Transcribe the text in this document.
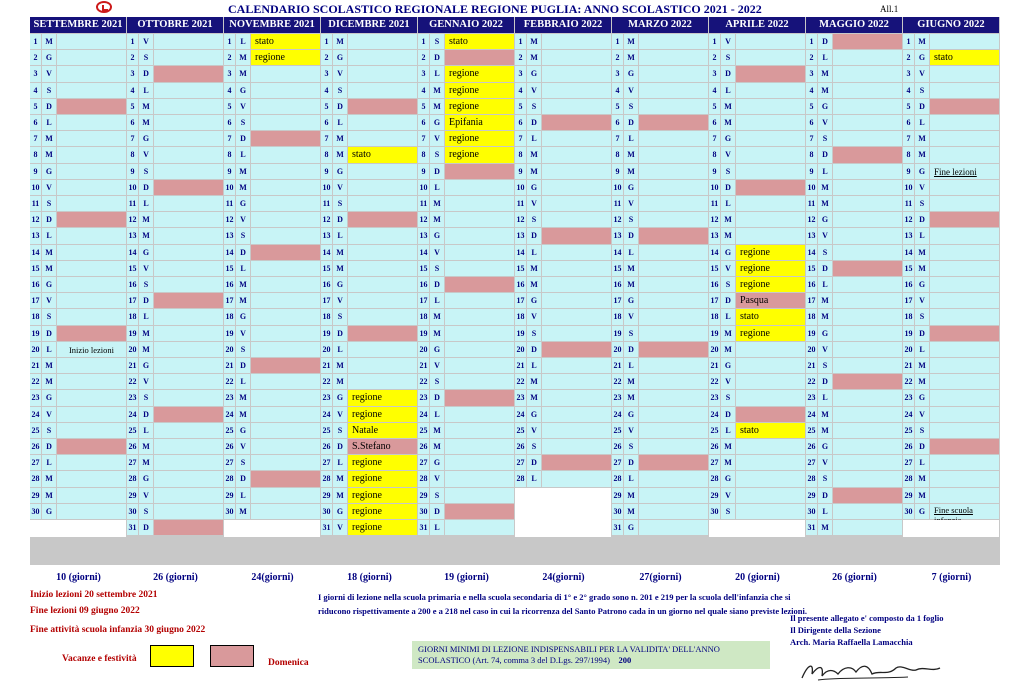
CALENDARIO SCOLASTICO REGIONALE REGIONE PUGLIA: ANNO SCOLASTICO 2021 - 2022	All.1
SETTEMBRE 2021
1 M
2	G
3	V
4	S
5	D
6	L
7 M
8 M
9	G
10 V
11 S
12 D
13 L
14 M
15 M
16 G
17 V
18 S
19 D
20 L	Inizio lezioni
21 M
22 M
23 G
24 V
25 S
26 D
27 L
28 M
29 M
30 G
OTTOBRE 2021
1	V
2	S
3	D
4	L
5 M
6 M
7	G
8	V
9	S
10 D
11 L
12 M
13 M
14 G
15 V
16 S
17 D
18 L
19 M
20 M
21 G
22 V
23 S
24 D
25 L
26 M
27 M
28 G
29 V
30 S
31 D
NOVEMBRE 2021
1	L stato
2 M regione
3 M
4	G
5	V
6	S
7	D
8	L
9 M
10 M
11 G
12 V
13 S
14 D
15 L
16 M
17 M
18 G
19 V
20 S
21 D
22 L
23 M
24 M
25 G
26 V
27 S
28 D
29 L
30 M
DICEMBRE 2021
1 M
2	G
3	V
4	S
5	D
6	L
7 M
8 M stato
9	G
10 V
11 S
12 D
13 L
14 M
15 M
16 G
17 V
18 S
19 D
20 L
21 M
22 M
23 G regione
24 V regione
25 S Natale
26 D S.Stefano
27 L regione
28 M regione
29 M regione
30 G regione
31 V regione
GENNAIO 2022
1	S stato
2	D
3	L regione
4 M regione
5 M regione
6	G Epifania
7	V regione
8	S regione
9	D
10 L
11 M
12 M
13 G
14 V
15 S
16 D
17 L
18 M
19 M
20 G
21 V
22 S
23 D
24 L
25 M
26 M
27 G
28 V
29 S
30 D
31 L
FEBBRAIO 2022
1 M
2 M
3	G
4	V
5	S
6	D
7	L
8 M
9 M
10 G
11 V
12 S
13 D
14 L
15 M
16 M
17 G
18 V
19 S
20 D
21 L
22 M
23 M
24 G
25 V
26 S
27 D
28 L
MARZO 2022
1 M
2 M
3	G
4	V
5	S
6	D
7	L
8 M
9 M
10 G
11 V
12 S
13 D
14 L
15 M
16 M
17 G
18 V
19 S
20 D
21 L
22 M
23 M
24 G
25 V
26 S
27 D
28 L
29 M
30 M
31 G
APRILE 2022
1	V
2	S
3	D
4	L
5 M
6 M
7	G
8	V
9	S
10 D
11 L
12 M
13 M
14 G regione
15 V regione
16 S regione
17 D Pasqua
18 L stato
19 M regione
20 M
21 G
22 V
23 S
24 D
25 L stato
26 M
27 M
28 G
29 V
30 S
MAGGIO 2022
1	D
2	L
3 M
4 M
5	G
6	V
7	S
8	D
9	L
10 M
11 M
12 G
13 V
14 S
15 D
16 L
17 M
18 M
19 G
20 V
21 S
22 D
23 L
24 M
25 M
26 G
27 V
28 S
29 D
30 L
31 M
GIUGNO 2022
1 M
2	G stato
3	V
4	S
5	D
6	L
7 M
8 M
9	G Fine lezioni
10 V
11 S
12 D
13 L
14 M
15 M
16 G
17 V
18 S
19 D
20 L
21 M
22 M
23 G
24 V
25 S
26 D
27 L
28 M
29 M
30 G	Fine scuola
10 (giorni)	26 (giorni)	24(giorni)	18 (giorni)	19 (giorni)	24(giorni)	27(giorni)	20 (giorni)	26 (giorni)	7 (giorni)
Inizio lezioni 20 settembre 2021
Fine lezioni 09 giugno 2022
Fine attività scuola infanzia 30 giugno 2022
Vacanze e festività	Domenica
I giorni di lezione nella scuola primaria e nella scuola secondaria di 1° e 2° grado sono n. 201 e 219 per la scuola dell'infanzia che si
riducono rispettivamente a 200 e a 218 nel caso in cui la ricorrenza del Santo Patrono cada in un giorno nel quale siano previste lezioni.
GIORNI MINIMI DI LEZIONE INDISPENSABILI PER LA VALIDITA' DELL'ANNO
SCOLASTICO (Art. 74, comma 3 del D.Lgs. 297/1994) 200
Il presente allegato e' composto da 1 foglio
Il Dirigente della Sezione
Arch. Maria Raffaella Lamacchia
